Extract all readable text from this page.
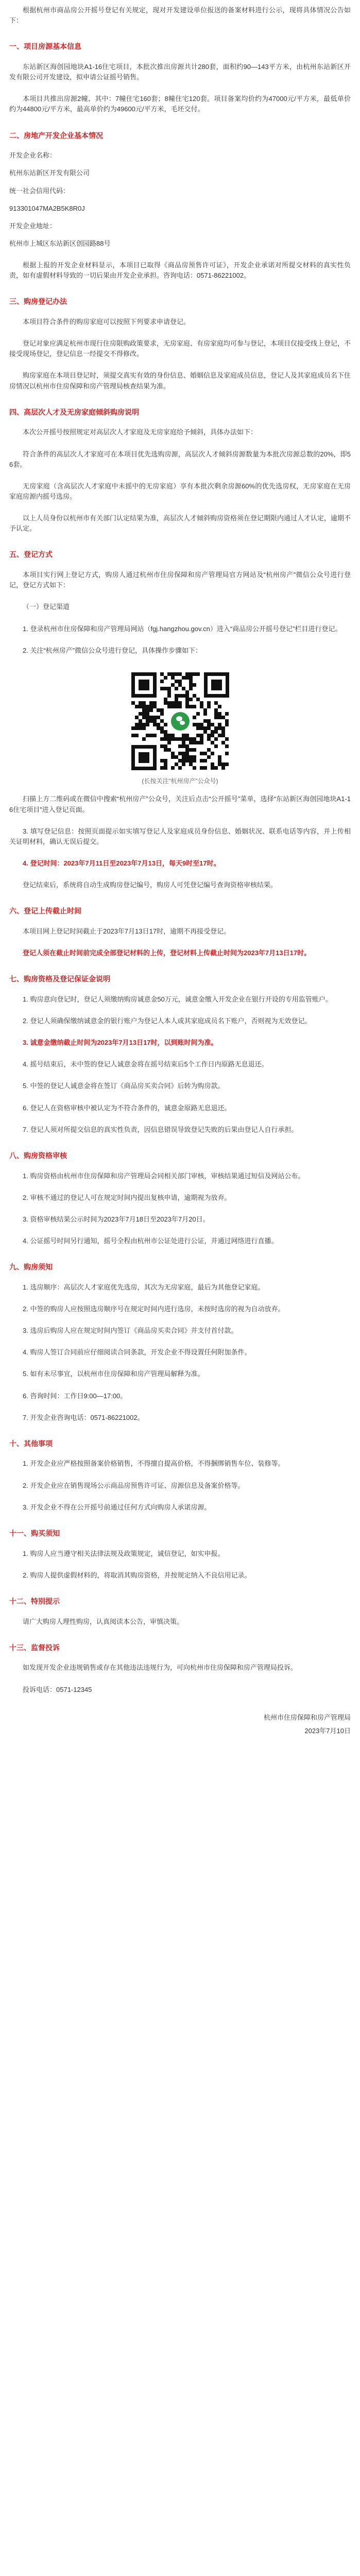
根据杭州市商品房公开摇号登记有关规定，现对开发建设单位报送的备案材料进行公示，现将具体情况公告如下：

一、项目房源基本信息

东站新区海创园地块A1-16住宅项目，本批次推出房源共计280套，面积约90—143平方米，由杭州东站新区开发有限公司开发建设，拟申请公证摇号销售。

本项目共推出房源2幢、其中：7幢住宅160套；8幢住宅120套。项目备案均价约为47000元/平方米，最低单价约为44800元/平方米，最高单价约为49600元/平方米，毛坯交付。

二、房地产开发企业基本情况

开发企业名称：

杭州东站新区开发有限公司

统一社会信用代码：

913301047MA2B5K8R0J

开发企业地址：

杭州市上城区东站新区创园路88号

根据上报的开发企业材料显示，本项目已取得《商品房预售许可证》，开发企业承诺对所提交材料的真实性负责，如有虚假材料导致的一切后果由开发企业承担。咨询电话：0571-86221002。

三、购房登记办法

本项目符合条件的购房家庭可以按照下列要求申请登记。

登记对象应满足杭州市现行住房限购政策要求，无房家庭、有房家庭均可参与登记，本项目仅接受线上登记，不接受现场登记，登记信息一经提交不得修改。

购房家庭在本项目登记时，须提交真实有效的身份信息、婚姻信息及家庭成员信息，登记人及其家庭成员名下住房情况以杭州市住房保障和房产管理局核查结果为准。

四、高层次人才及无房家庭倾斜购房说明

本次公开摇号按照规定对高层次人才家庭及无房家庭给予倾斜，具体办法如下：

符合条件的高层次人才家庭可在本项目优先选购房源，高层次人才倾斜房源数量为本批次房源总数的20%，即56套。

无房家庭（含高层次人才家庭中未摇中的无房家庭）享有本批次剩余房源60%的优先选房权，无房家庭在无房家庭房源内摇号选房。

以上人员身份以杭州市有关部门认定结果为准，高层次人才倾斜购房资格须在登记期限内通过人才认定，逾期不予认定。

五、登记方式

本项目实行网上登记方式，购房人通过杭州市住房保障和房产管理局官方网站及“杭州房产”微信公众号进行登记，登记方式如下：

（一）登记渠道

1. 登录杭州市住房保障和房产管理局网站（fgj.hangzhou.gov.cn）进入“商品房公开摇号登记”栏目进行登记。

2. 关注“杭州房产”微信公众号进行登记，具体操作步骤如下：

(长按关注“杭州房产”公众号)

扫描上方二维码或在微信中搜索“杭州房产”公众号，关注后点击“公开摇号”菜单，选择“东站新区海创园地块A1-16住宅项目”进入登记页面。

3. 填写登记信息：按照页面提示如实填写登记人及家庭成员身份信息、婚姻状况、联系电话等内容，并上传相关证明材料，确认无误后提交。

4. 登记时间：2023年7月11日至2023年7月13日，每天9时至17时。

登记结束后，系统将自动生成购房登记编号，购房人可凭登记编号查询资格审核结果。

六、登记上传截止时间

本项目网上登记时间截止于2023年7月13日17时，逾期不再接受登记。

登记人须在截止时间前完成全部登记材料的上传，登记材料上传截止时间为2023年7月13日17时。

七、购房资格及登记保证金说明

1. 购房意向登记时，登记人须缴纳购房诚意金50万元，诚意金缴入开发企业在银行开设的专用监管账户。

2. 登记人须确保缴纳诚意金的银行账户为登记人本人或其家庭成员名下账户，否则视为无效登记。

3. 诚意金缴纳截止时间为2023年7月13日17时，以到账时间为准。

4. 摇号结束后，未中签的登记人诚意金将在摇号结束后5个工作日内原路无息退还。

5. 中签的登记人诚意金将在签订《商品房买卖合同》后转为购房款。

6. 登记人在资格审核中被认定为不符合条件的，诚意金原路无息退还。

7. 登记人须对所提交信息的真实性负责，因信息错误导致登记失败的后果由登记人自行承担。

八、购房资格审核

1. 购房资格由杭州市住房保障和房产管理局会同相关部门审核，审核结果通过短信及网站公布。

2. 审核不通过的登记人可在规定时间内提出复核申请，逾期视为放弃。

3. 资格审核结果公示时间为2023年7月18日至2023年7月20日。

4. 公证摇号时间另行通知，摇号全程由杭州市公证处进行公证，并通过网络进行直播。

九、购房须知

1. 选房顺序：高层次人才家庭优先选房，其次为无房家庭，最后为其他登记家庭。

2. 中签的购房人应按照选房顺序号在规定时间内进行选房，未按时选房的视为自动放弃。

3. 选房后购房人应在规定时间内签订《商品房买卖合同》并支付首付款。

4. 购房人签订合同前应仔细阅读合同条款，开发企业不得设置任何附加条件。

5. 如有未尽事宜，以杭州市住房保障和房产管理局解释为准。

6. 咨询时间：工作日9:00—17:00。

7. 开发企业咨询电话：0571-86221002。

十、其他事项

1. 开发企业应严格按照备案价格销售，不得擅自提高价格，不得捆绑销售车位、装修等。

2. 开发企业应在销售现场公示商品房预售许可证、房源信息及备案价格等。

3. 开发企业不得在公开摇号前通过任何方式向购房人承诺房源。

十一、购买须知

1. 购房人应当遵守相关法律法规及政策规定，诚信登记，如实申报。

2. 购房人提供虚假材料的，将取消其购房资格，并按规定纳入不良信用记录。

十二、特别提示

请广大购房人理性购房，认真阅读本公告，审慎决策。

十三、监督投诉

如发现开发企业违规销售或存在其他违法违规行为，可向杭州市住房保障和房产管理局投诉。

投诉电话：0571-12345

杭州市住房保障和房产管理局
2023年7月10日
